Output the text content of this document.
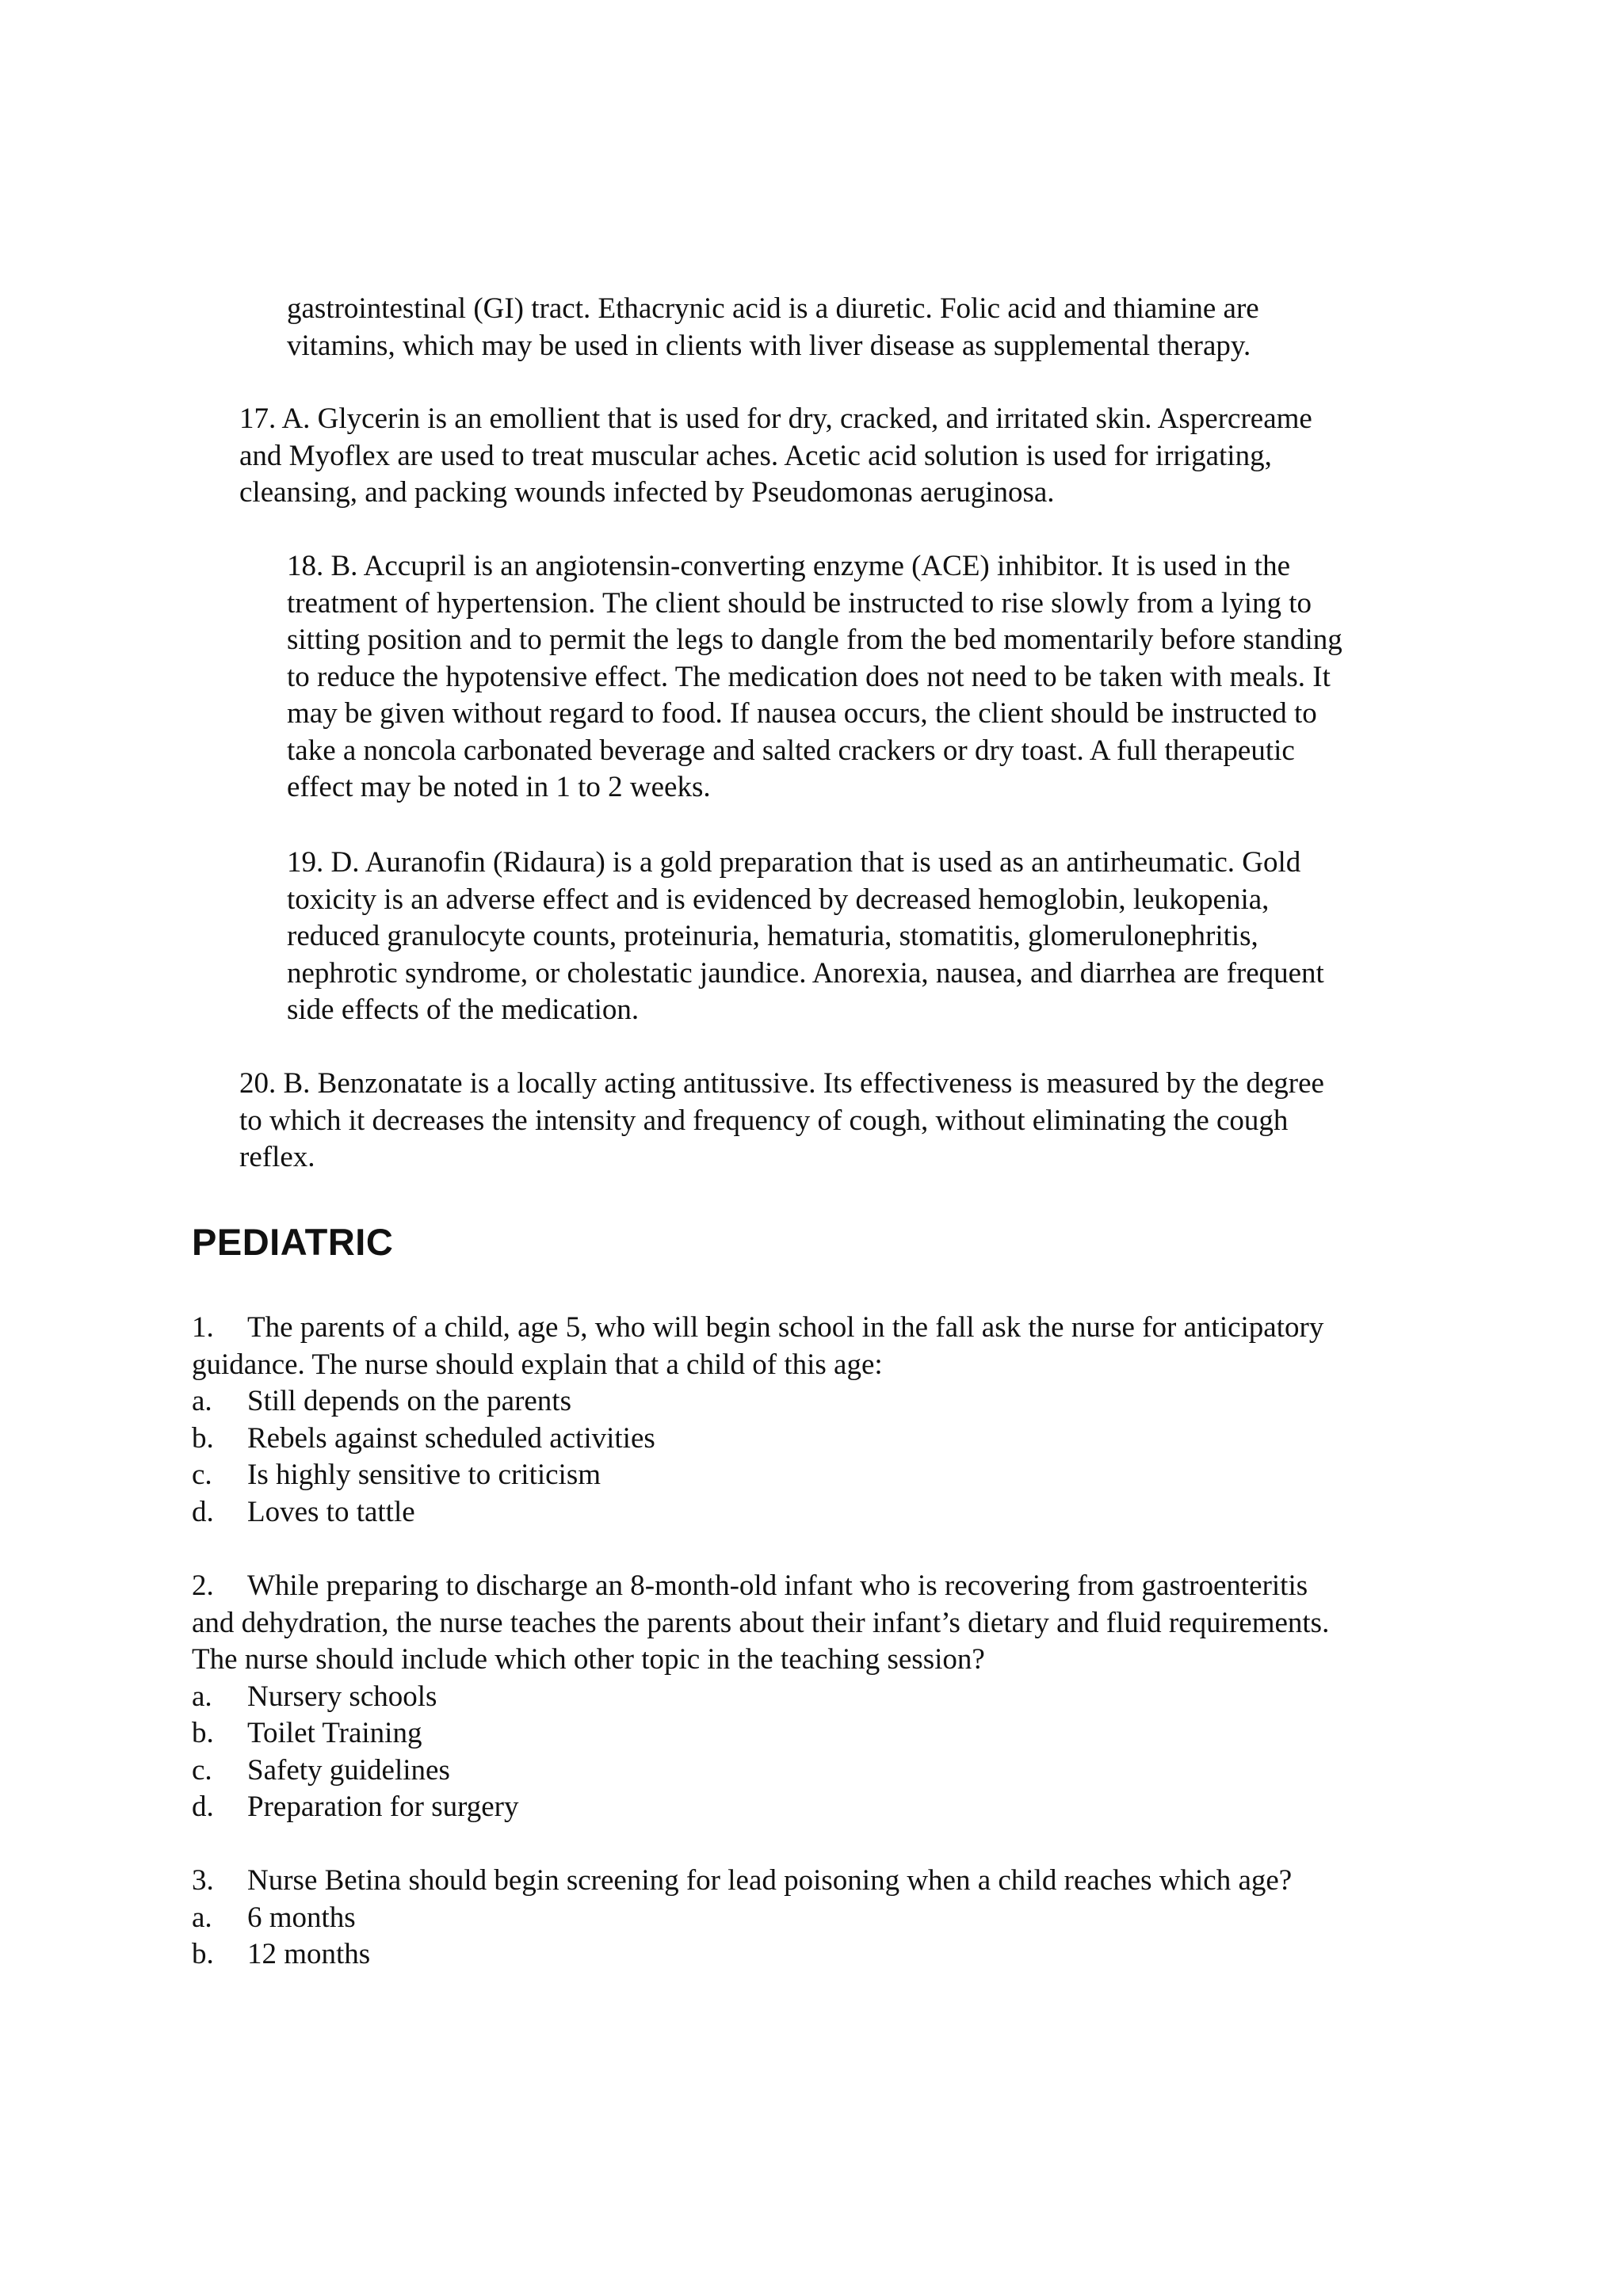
gastrointestinal (GI) tract. Ethacrynic acid is a diuretic. Folic acid and thiamine are
vitamins, which may be used in clients with liver disease as supplemental therapy.
17. A. Glycerin is an emollient that is used for dry, cracked, and irritated skin. Aspercreame
and Myoflex are used to treat muscular aches. Acetic acid solution is used for irrigating,
cleansing, and packing wounds infected by Pseudomonas aeruginosa.
18. B. Accupril is an angiotensin-converting enzyme (ACE) inhibitor. It is used in the
treatment of hypertension. The client should be instructed to rise slowly from a lying to
sitting position and to permit the legs to dangle from the bed momentarily before standing
to reduce the hypotensive effect. The medication does not need to be taken with meals. It
may be given without regard to food. If nausea occurs, the client should be instructed to
take a noncola carbonated beverage and salted crackers or dry toast. A full therapeutic
effect may be noted in 1 to 2 weeks.
19. D. Auranofin (Ridaura) is a gold preparation that is used as an antirheumatic. Gold
toxicity is an adverse effect and is evidenced by decreased hemoglobin, leukopenia,
reduced granulocyte counts, proteinuria, hematuria, stomatitis, glomerulonephritis,
nephrotic syndrome, or cholestatic jaundice. Anorexia, nausea, and diarrhea are frequent
side effects of the medication.
20. B. Benzonatate is a locally acting antitussive. Its effectiveness is measured by the degree
to which it decreases the intensity and frequency of cough, without eliminating the cough
reflex.
PEDIATRIC
1. The parents of a child, age 5, who will begin school in the fall ask the nurse for anticipatory
guidance. The nurse should explain that a child of this age:
a. Still depends on the parents
b. Rebels against scheduled activities
c. Is highly sensitive to criticism
d. Loves to tattle
2. While preparing to discharge an 8-month-old infant who is recovering from gastroenteritis
and dehydration, the nurse teaches the parents about their infant’s dietary and fluid requirements.
The nurse should include which other topic in the teaching session?
a. Nursery schools
b. Toilet Training
c. Safety guidelines
d. Preparation for surgery
3. Nurse Betina should begin screening for lead poisoning when a child reaches which age?
a. 6 months
b. 12 months
